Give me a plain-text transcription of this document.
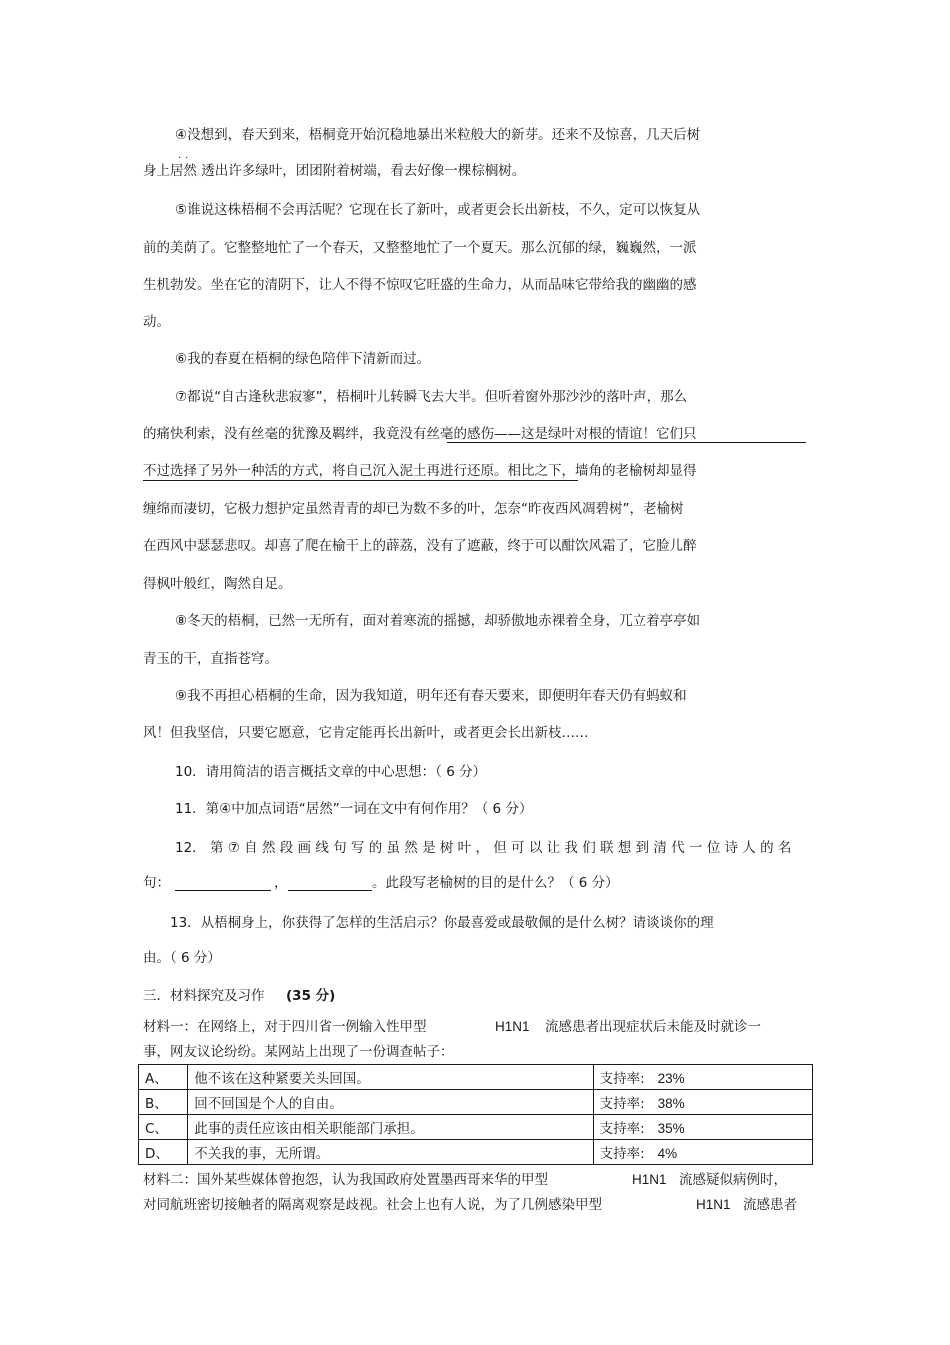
④没想到，春天到来，梧桐竟开始沉稳地暴出米粒般大的新芽。还来不及惊喜，几天后树
..
身上居然 透出许多绿叶，团团附着树端，看去好像一棵棕榈树。
⑤谁说这株梧桐不会再活呢？它现在长了新叶，或者更会长出新枝，不久，定可以恢复从
前的美荫了。它整整地忙了一个春天，又整整地忙了一个夏天。那么沉郁的绿，巍巍然，一派
生机勃发。坐在它的清阴下，让人不得不惊叹它旺盛的生命力，从而品味它带给我的幽幽的感
动。
⑥我的春夏在梧桐的绿色陪伴下清新而过。
⑦都说“自古逢秋悲寂寥”，梧桐叶儿转瞬飞去大半。但听着窗外那沙沙的落叶声，那么
的痛快利索，没有丝毫的犹豫及羁绊，我竟没有丝毫的感伤——这是绿叶对根的情谊！它们只
不过选择了另外一种活的方式，将自己沉入泥土再进行还原。相比之下，墙角的老榆树却显得
缠绵而凄切，它极力想护定虽然青青的却已为数不多的叶，怎奈“昨夜西风凋碧树”，老榆树
在西风中瑟瑟悲叹。却喜了爬在榆干上的薜荔，没有了遮蔽，终于可以酣饮风霜了，它脸儿醉
得枫叶般红，陶然自足。
⑧冬天的梧桐，已然一无所有，面对着寒流的摇撼，却骄傲地赤裸着全身，兀立着亭亭如
青玉的干，直指苍穹。
⑨我不再担心梧桐的生命，因为我知道，明年还有春天要来，即便明年春天仍有蚂蚁和
风！但我坚信，只要它愿意，它肯定能再长出新叶，或者更会长出新枝……
10．请用简洁的语言概括文章的中心思想：（ 6 分）
11．第④中加点词语“居然”一词在文中有何作用？（ 6 分）
12． 第 ⑦ 自 然 段 画 线 句 写 的 虽 然 是 树 叶 ， 但 可 以 让 我 们 联 想 到 清 代 一 位 诗 人 的 名
句：	，	。此段写老榆树的目的是什么？（ 6 分）
13．从梧桐身上，你获得了怎样的生活启示？你最喜爱或最敬佩的是什么树？请谈谈你的理
由。（ 6 分）
三．材料探究及习作 (35 分)
材料一：在网络上，对于四川省一例输入性甲型	H1N1 流感患者出现症状后未能及时就诊一
事，网友议论纷纷。某网站上出现了一份调查帖子：
A、	他不该在这种紧要关头回国。	支持率: 23%
B、	回不回国是个人的自由。	支持率: 38%
C、	此事的责任应该由相关职能部门承担。	支持率: 35%
D、	不关我的事，无所谓。	支持率: 4%
材料二：国外某些媒体曾抱怨，认为我国政府处置墨西哥来华的甲型	H1N1 流感疑似病例时，
对同航班密切接触者的隔离观察是歧视。社会上也有人说，为了几例感染甲型	H1N1 流感患者
